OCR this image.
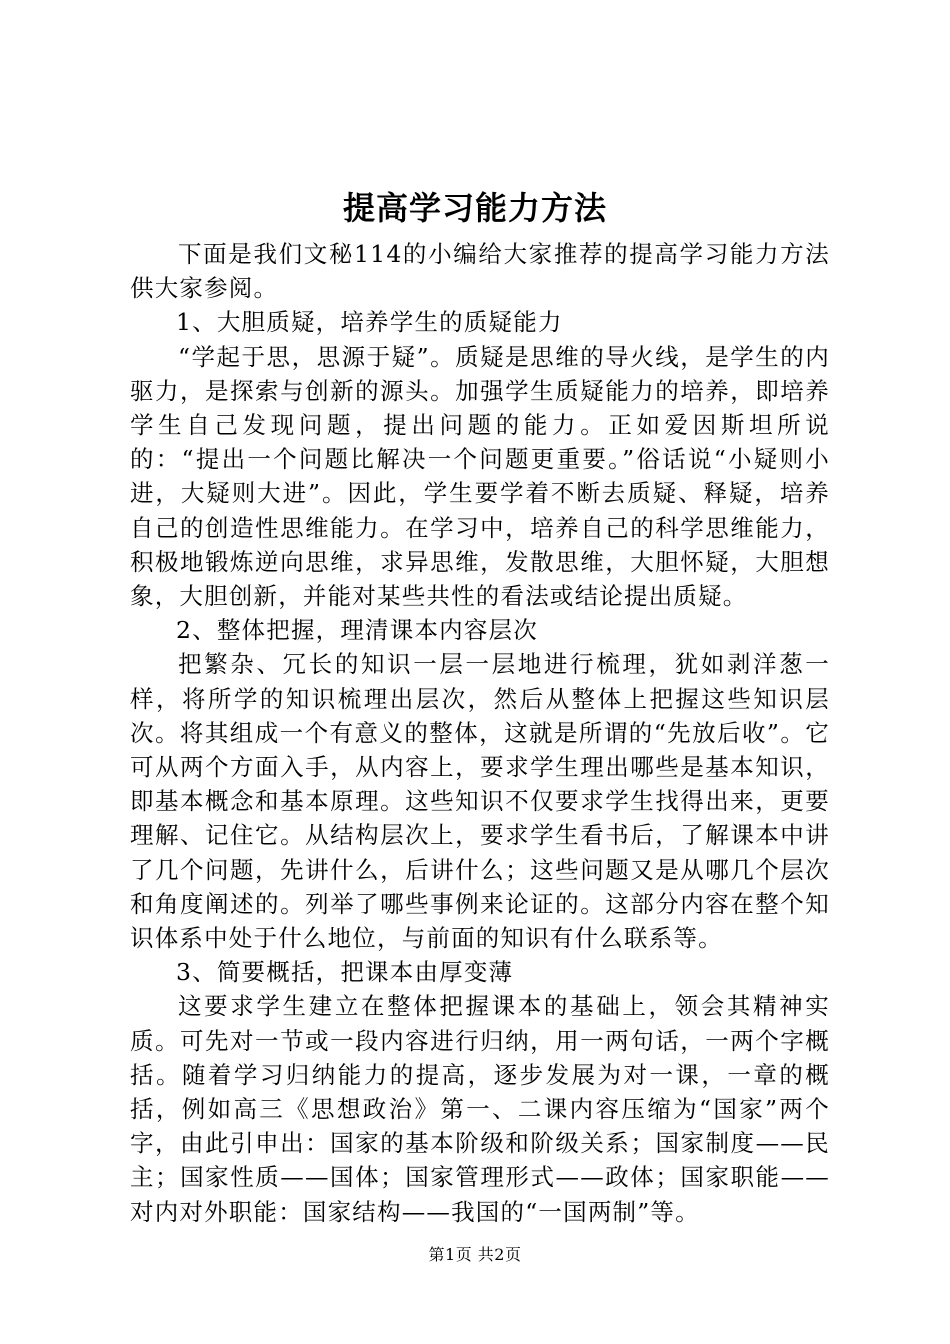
提高学习能力方法

下面是我们文秘114的小编给大家推荐的提高学习能力方法供大家参阅。

1、大胆质疑，培养学生的质疑能力

“学起于思，思源于疑”。质疑是思维的导火线，是学生的内驱力，是探索与创新的源头。加强学生质疑能力的培养，即培养学生自己发现问题，提出问题的能力。正如爱因斯坦所说的：“提出一个问题比解决一个问题更重要。”俗话说“小疑则小进，大疑则大进”。因此，学生要学着不断去质疑、释疑，培养自己的创造性思维能力。在学习中，培养自己的科学思维能力，积极地锻炼逆向思维，求异思维，发散思维，大胆怀疑，大胆想象，大胆创新，并能对某些共性的看法或结论提出质疑。

2、整体把握，理清课本内容层次

把繁杂、冗长的知识一层一层地进行梳理，犹如剥洋葱一样，将所学的知识梳理出层次，然后从整体上把握这些知识层次。将其组成一个有意义的整体，这就是所谓的“先放后收”。它可从两个方面入手，从内容上，要求学生理出哪些是基本知识，即基本概念和基本原理。这些知识不仅要求学生找得出来，更要理解、记住它。从结构层次上，要求学生看书后，了解课本中讲了几个问题，先讲什么，后讲什么；这些问题又是从哪几个层次和角度阐述的。列举了哪些事例来论证的。这部分内容在整个知识体系中处于什么地位，与前面的知识有什么联系等。

3、简要概括，把课本由厚变薄

这要求学生建立在整体把握课本的基础上，领会其精神实质。可先对一节或一段内容进行归纳，用一两句话，一两个字概括。随着学习归纳能力的提高，逐步发展为对一课，一章的概括，例如高三《思想政治》第一、二课内容压缩为“国家”两个字，由此引申出：国家的基本阶级和阶级关系；国家制度——民主；国家性质——国体；国家管理形式——政体；国家职能——对内对外职能：国家结构——我国的“一国两制”等。

第1页 共2页
